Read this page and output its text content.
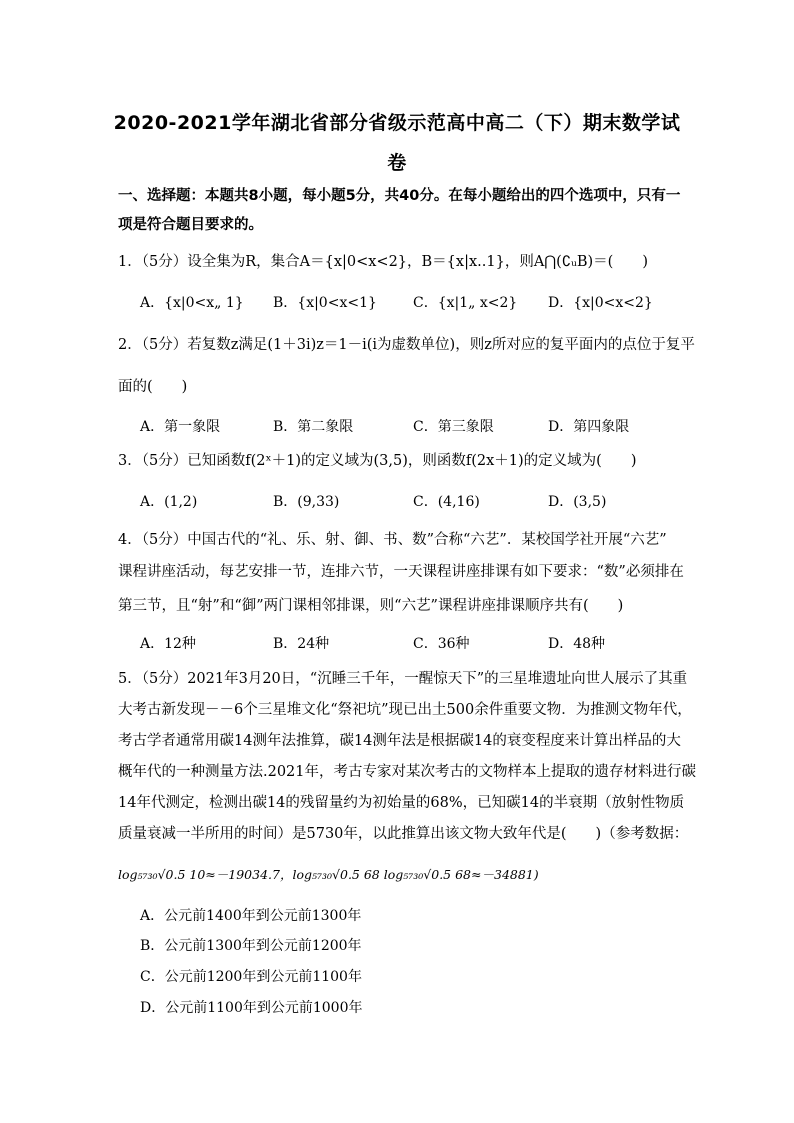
2020-2021学年湖北省部分省级示范高中高二（下）期末数学试
卷
一、选择题：本题共8小题，每小题5分，共40分。在每小题给出的四个选项中，只有一
项是符合题目要求的。
1．（5分）设全集为R，集合A＝{x|0<x<2}，B＝{x|x..1}，则A⋂(∁ᵤB)＝(　　)
A．{x|0<x„ 1} B．{x|0<x<1}	C．{x|1„ x<2} D．{x|0<x<2}
2．（5分）若复数z满足(1＋3i)z＝1－i(i为虚数单位)，则z所对应的复平面内的点位于复平
面的(　　)
A．第一象限	B．第二象限	C．第三象限	D．第四象限
3．（5分）已知函数f(2ˣ＋1)的定义域为(3,5)，则函数f(2x＋1)的定义域为(　　)
A．(1,2)	B．(9,33)	C．(4,16)	D．(3,5)
4．（5分）中国古代的“礼、乐、射、御、书、数”合称“六艺”．某校国学社开展“六艺”
课程讲座活动，每艺安排一节，连排六节，一天课程讲座排课有如下要求：“数”必须排在
第三节，且“射”和“御”两门课相邻排课，则“六艺”课程讲座排课顺序共有(　　)
A．12种	B．24种	C．36种	D．48种
5．（5分）2021年3月20日，“沉睡三千年，一醒惊天下”的三星堆遗址向世人展示了其重
大考古新发现－－6个三星堆文化“祭祀坑”现已出土500余件重要文物．为推测文物年代，
考古学者通常用碳14测年法推算，碳14测年法是根据碳14的衰变程度来计算出样品的大
概年代的一种测量方法.2021年，考古专家对某次考古的文物样本上提取的遗存材料进行碳
14年代测定，检测出碳14的残留量约为初始量的68%，已知碳14的半衰期（放射性物质
质量衰减一半所用的时间）是5730年，以此推算出该文物大致年代是(　　)（参考数据：
log₅₇₃₀√0.5 10≈－19034.7，log₅₇₃₀√0.5 68 log₅₇₃₀√0.5 68≈－34881)
A．公元前1400年到公元前1300年
B．公元前1300年到公元前1200年
C．公元前1200年到公元前1100年
D．公元前1100年到公元前1000年
